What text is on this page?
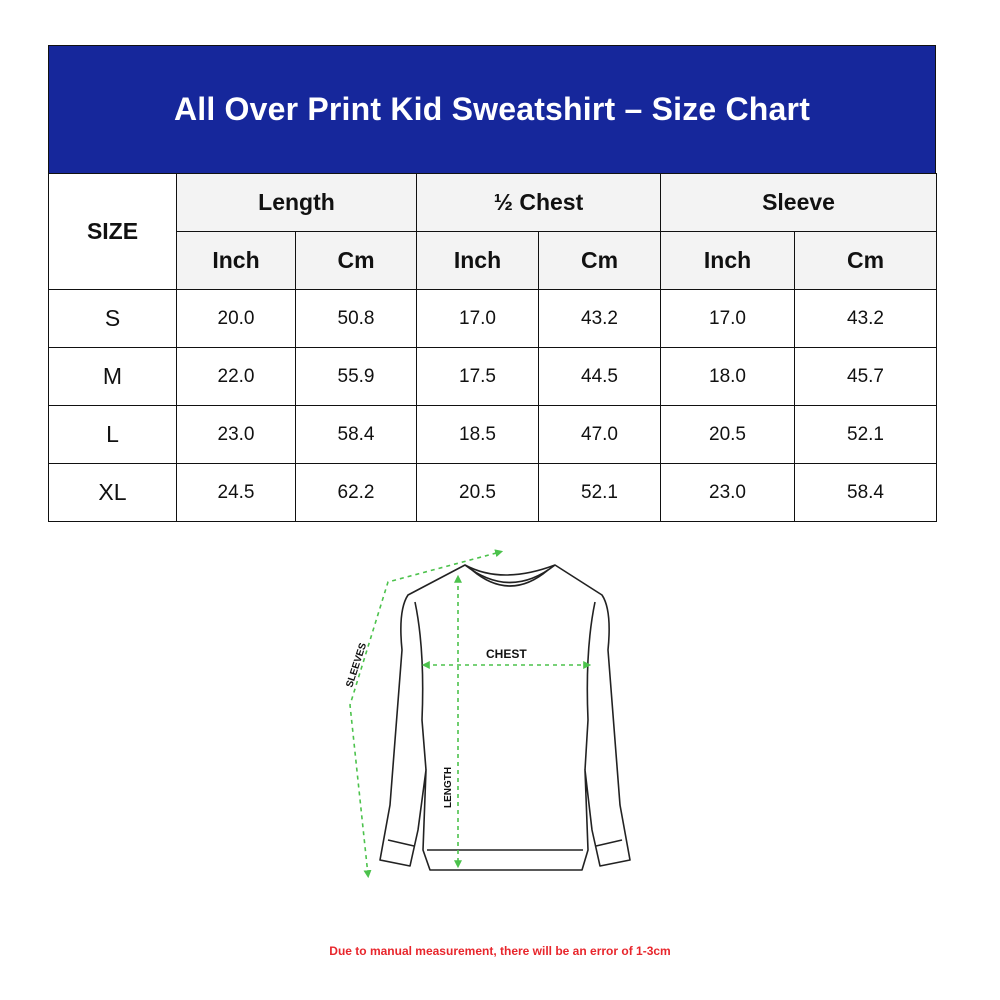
All Over Print Kid Sweatshirt – Size Chart
SIZE	Length		½ Chest		Sleeve	
	Inch	Cm	Inch	Cm	Inch	Cm
S	20.0	50.8	17.0	43.2	17.0	43.2
M	22.0	55.9	17.5	44.5	18.0	45.7
L	23.0	58.4	18.5	47.0	20.5	52.1
XL	24.5	62.2	20.5	52.1	23.0	58.4
SLEEVES	CHEST
LENGTH
Due to manual measurement, there will be an error of 1-3cm
